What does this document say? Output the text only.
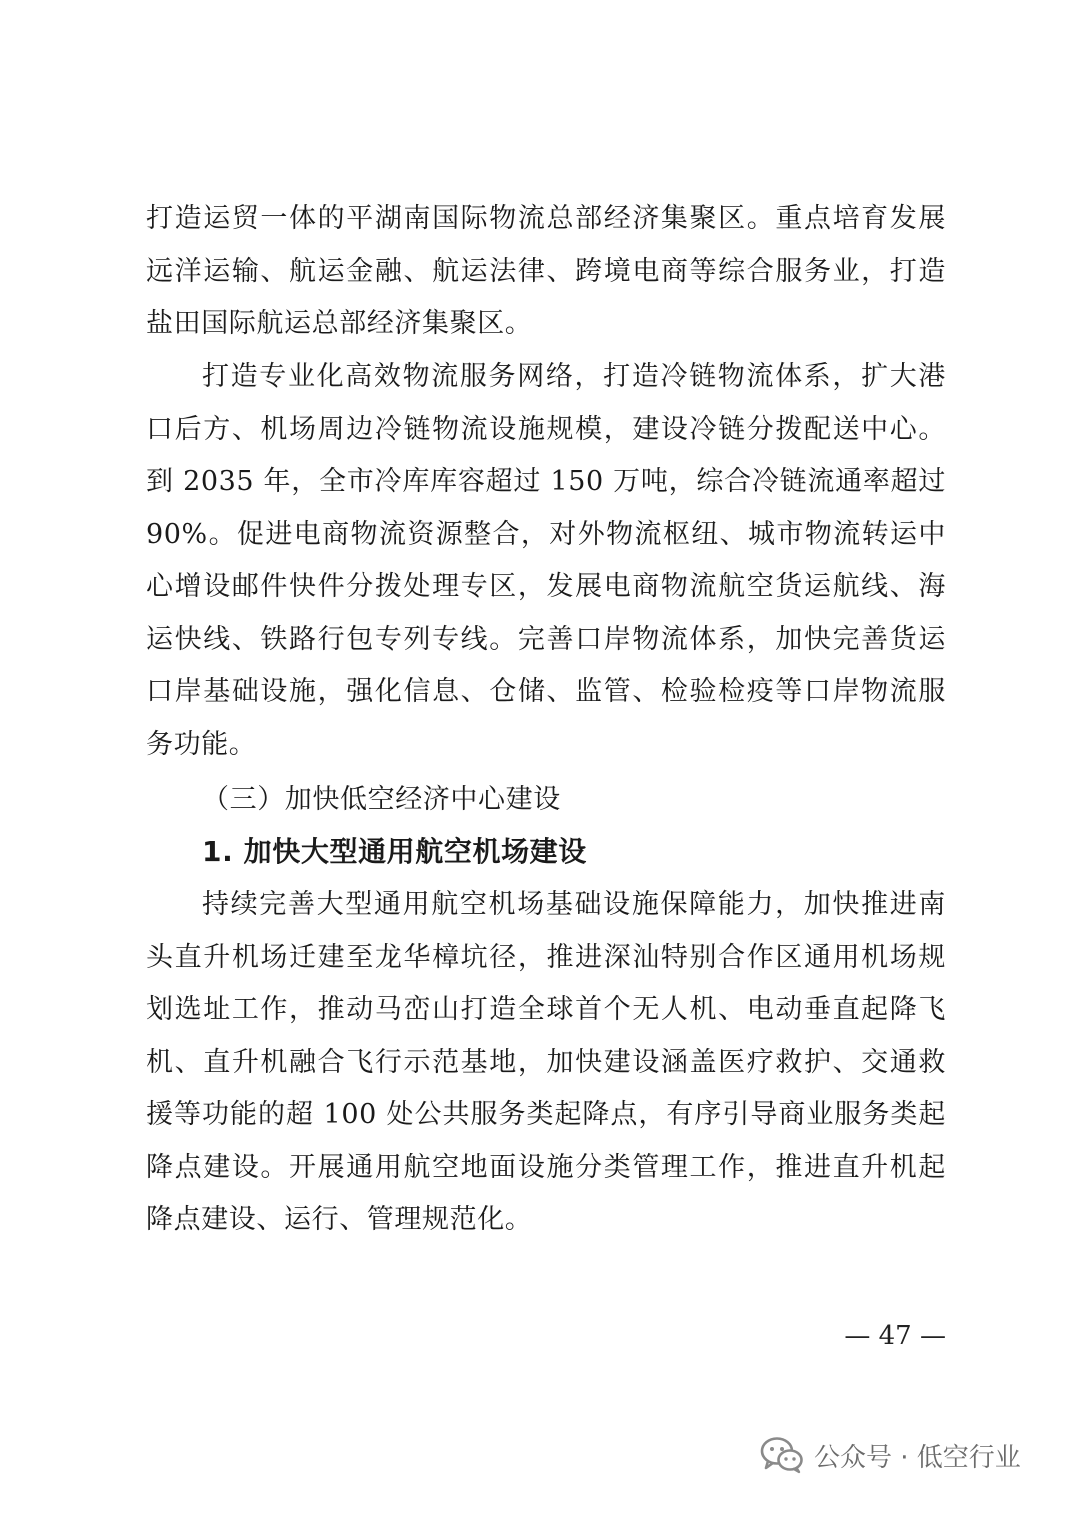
打造运贸一体的平湖南国际物流总部经济集聚区。重点培育发展远洋运输、航运金融、航运法律、跨境电商等综合服务业，打造盐田国际航运总部经济集聚区。

打造专业化高效物流服务网络，打造冷链物流体系，扩大港口后方、机场周边冷链物流设施规模，建设冷链分拨配送中心。到 2035 年，全市冷库库容超过 150 万吨，综合冷链流通率超过 90%。促进电商物流资源整合，对外物流枢纽、城市物流转运中心增设邮件快件分拨处理专区，发展电商物流航空货运航线、海运快线、铁路行包专列专线。完善口岸物流体系，加快完善货运口岸基础设施，强化信息、仓储、监管、检验检疫等口岸物流服务功能。

（三）加快低空经济中心建设

1. 加快大型通用航空机场建设

持续完善大型通用航空机场基础设施保障能力，加快推进南头直升机场迁建至龙华樟坑径，推进深汕特别合作区通用机场规划选址工作，推动马峦山打造全球首个无人机、电动垂直起降飞机、直升机融合飞行示范基地，加快建设涵盖医疗救护、交通救援等功能的超 100 处公共服务类起降点，有序引导商业服务类起降点建设。开展通用航空地面设施分类管理工作，推进直升机起降点建设、运行、管理规范化。

— 47 —

公众号 · 低空行业
